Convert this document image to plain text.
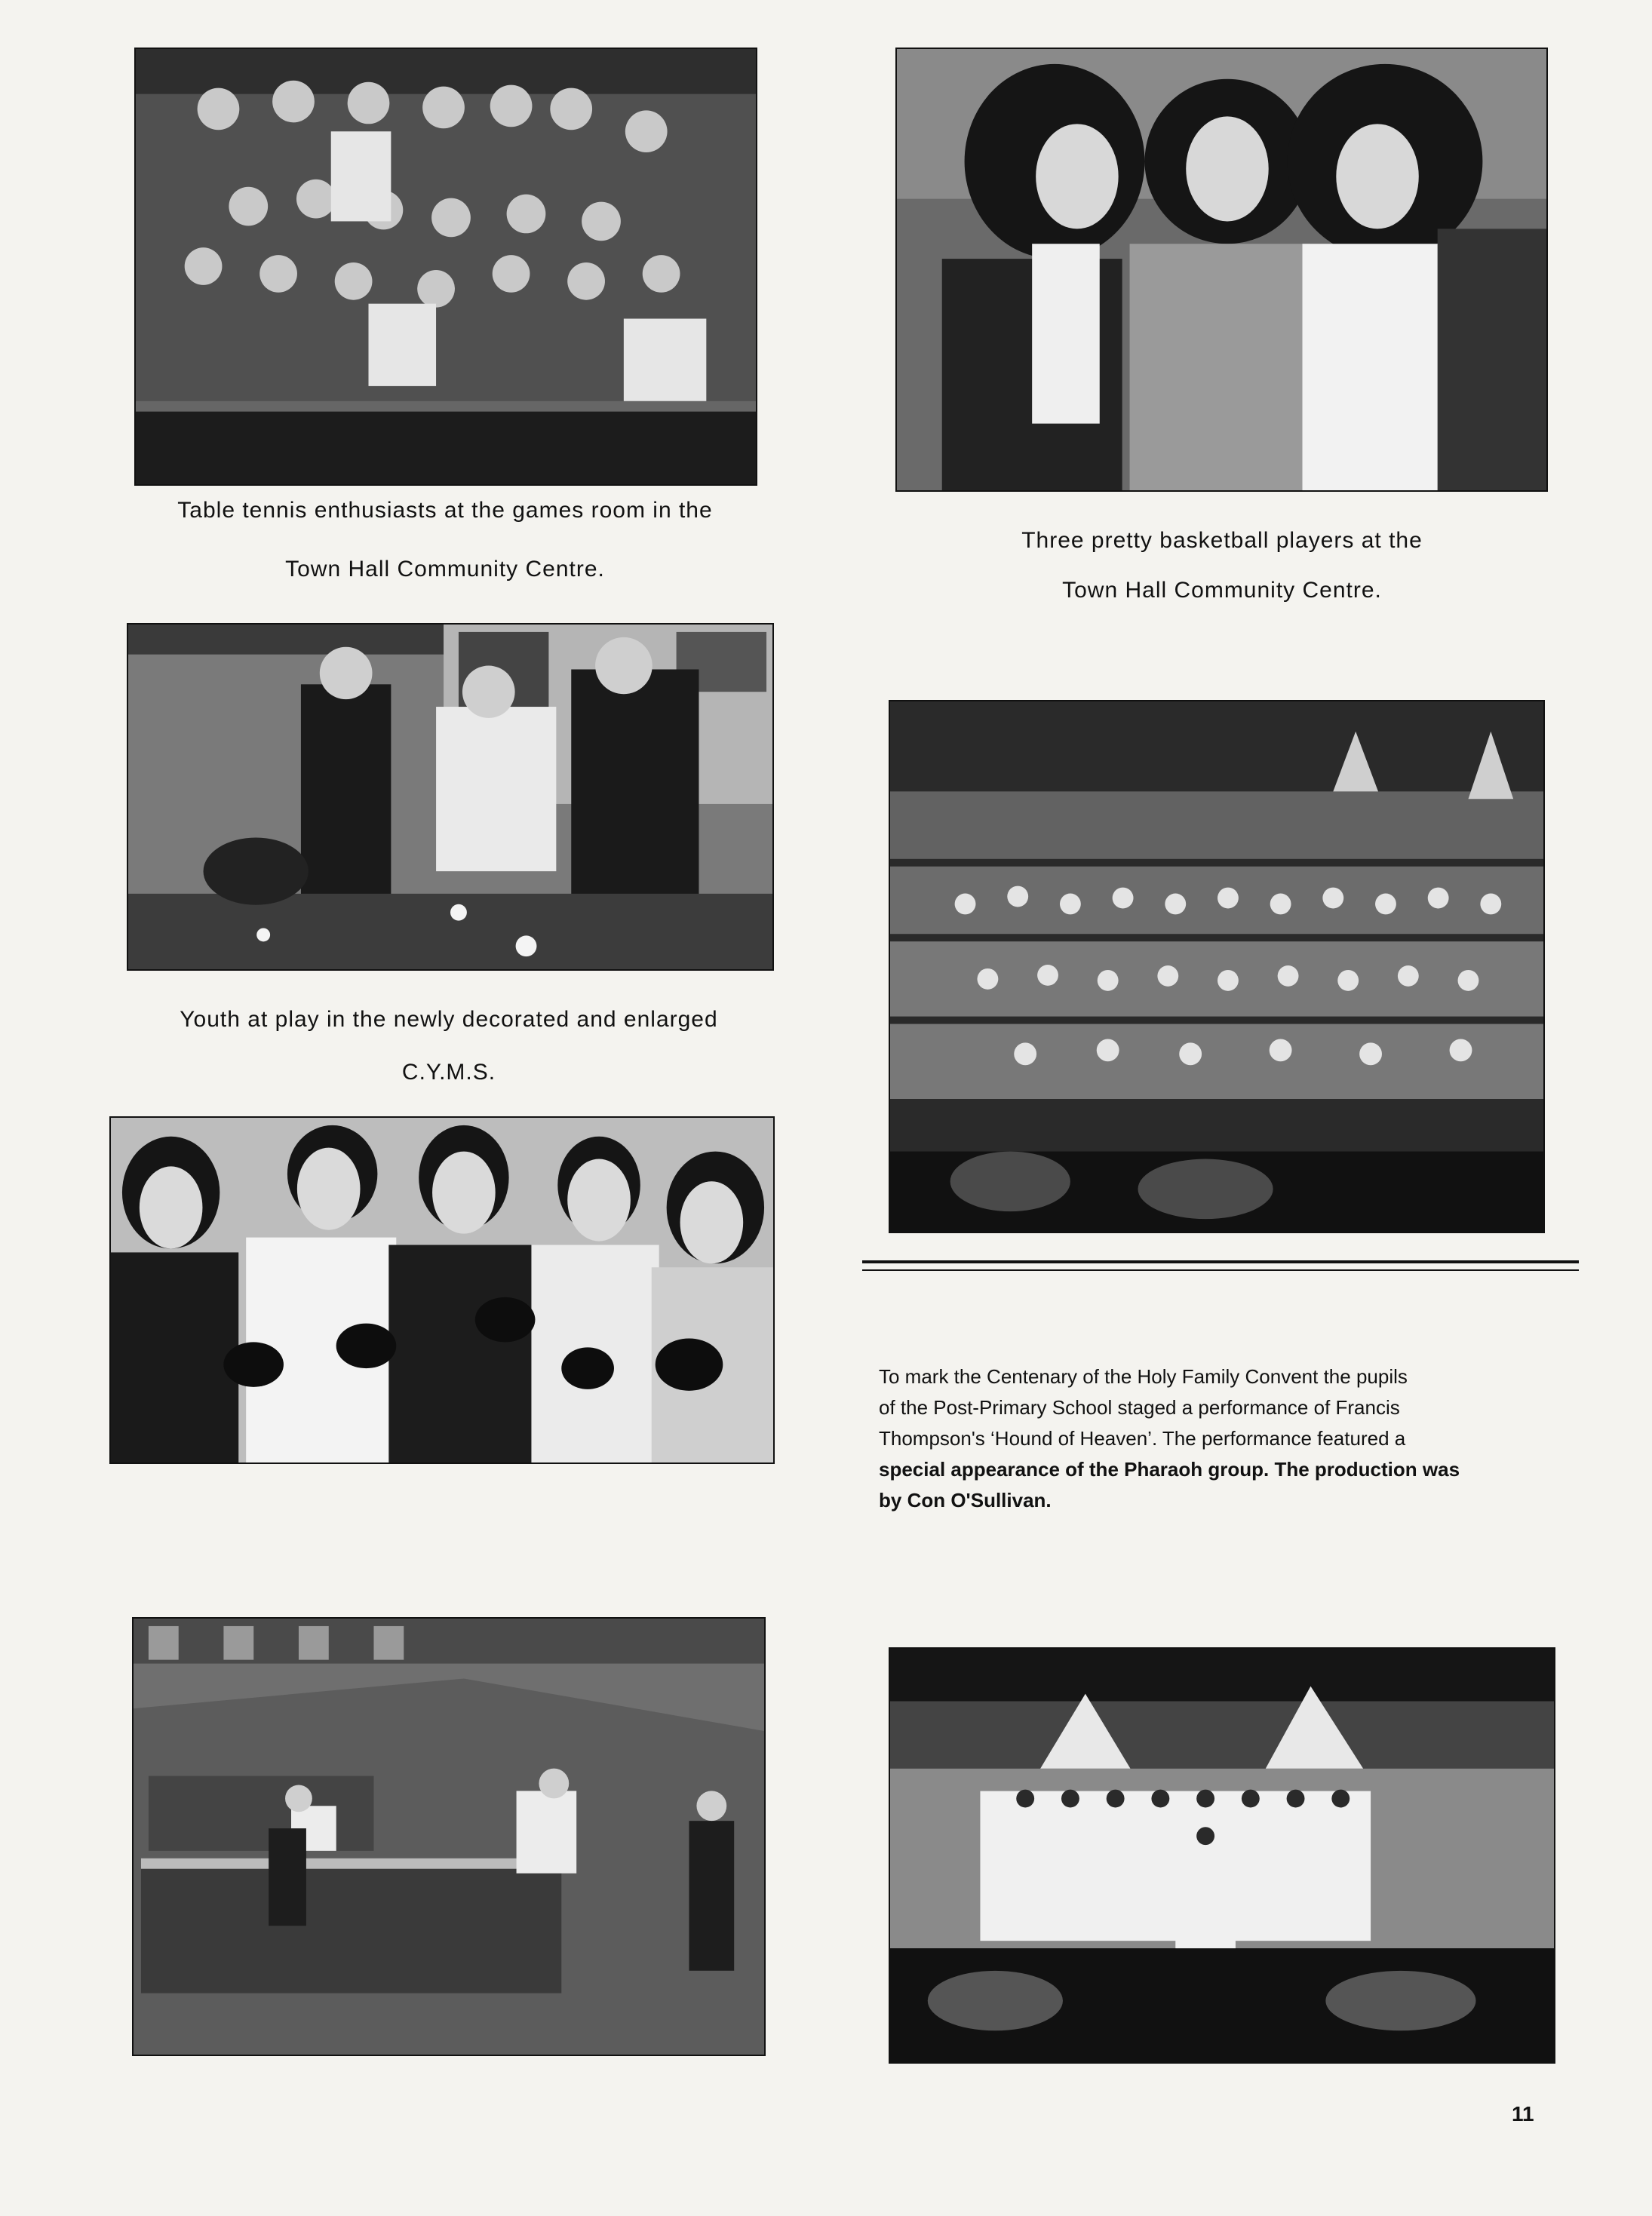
Table tennis enthusiasts at the games room in the
Town Hall Community Centre.
Three pretty basketball players at the
Town Hall Community Centre.
Youth at play in the newly decorated and enlarged
C.Y.M.S.
To mark the Centenary of the Holy Family Convent the pupils
of the Post-Primary School staged a performance of Francis
Thompson's ‘Hound of Heaven’. The performance featured a
special appearance of the Pharaoh group. The production was
by Con O'Sullivan.
11
